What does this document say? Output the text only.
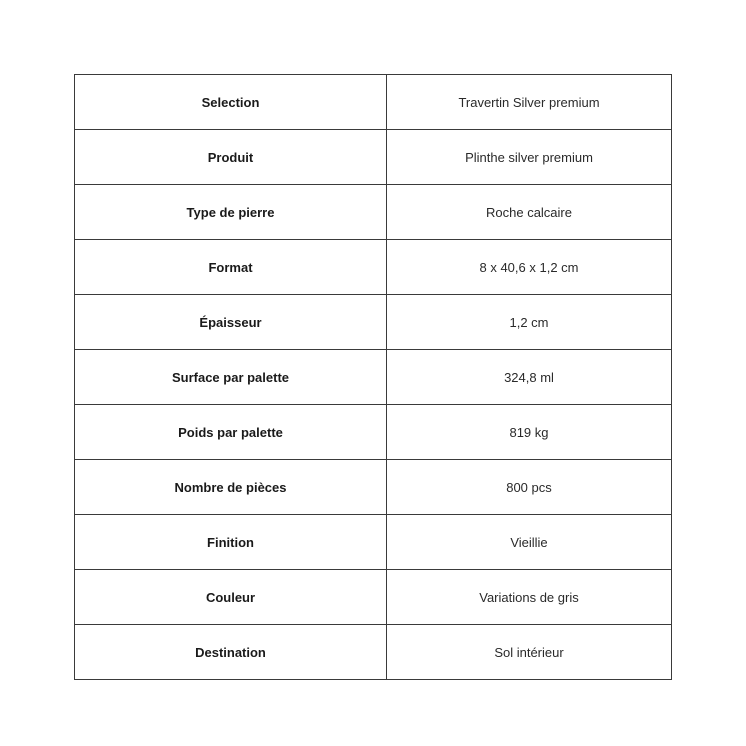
Selection	Travertin Silver premium
Produit	Plinthe silver premium
Type de pierre	Roche calcaire
Format	8 x 40,6 x 1,2 cm
Épaisseur	1,2 cm
Surface par palette	324,8 ml
Poids par palette	819 kg
Nombre de pièces	800 pcs
Finition	Vieillie
Couleur	Variations de gris
Destination	Sol intérieur
